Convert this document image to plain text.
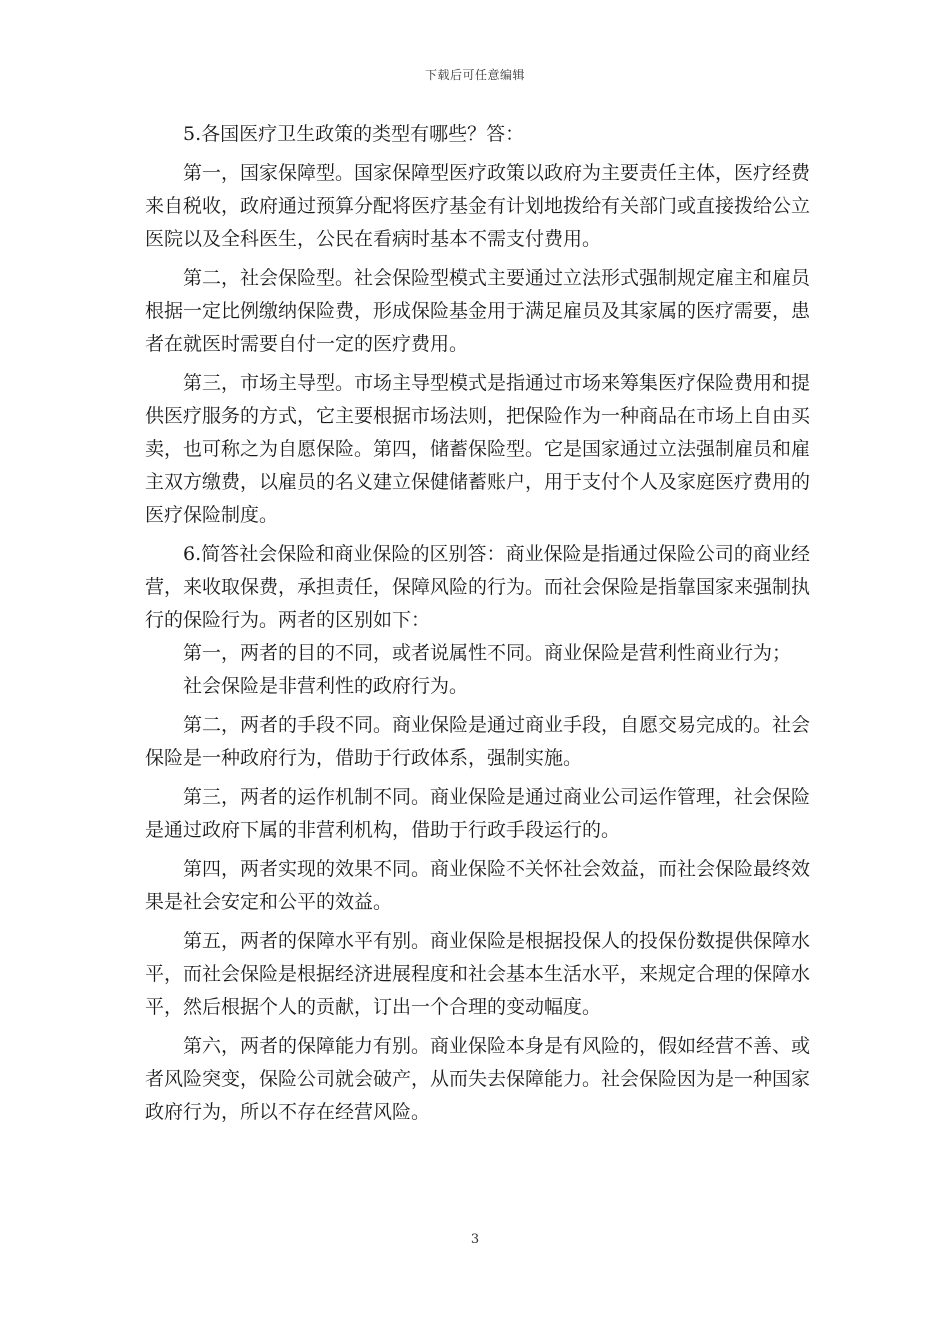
下载后可任意编辑

5.各国医疗卫生政策的类型有哪些？答：

第一，国家保障型。国家保障型医疗政策以政府为主要责任主体，医疗经费来自税收，政府通过预算分配将医疗基金有计划地拨给有关部门或直接拨给公立医院以及全科医生，公民在看病时基本不需支付费用。

第二，社会保险型。社会保险型模式主要通过立法形式强制规定雇主和雇员根据一定比例缴纳保险费，形成保险基金用于满足雇员及其家属的医疗需要，患者在就医时需要自付一定的医疗费用。

第三，市场主导型。市场主导型模式是指通过市场来筹集医疗保险费用和提供医疗服务的方式，它主要根据市场法则，把保险作为一种商品在市场上自由买卖，也可称之为自愿保险。第四，储蓄保险型。它是国家通过立法强制雇员和雇主双方缴费，以雇员的名义建立保健储蓄账户，用于支付个人及家庭医疗费用的医疗保险制度。

6.简答社会保险和商业保险的区别答：商业保险是指通过保险公司的商业经营，来收取保费，承担责任，保障风险的行为。而社会保险是指靠国家来强制执行的保险行为。两者的区别如下：

第一，两者的目的不同，或者说属性不同。商业保险是营利性商业行为；

社会保险是非营利性的政府行为。

第二，两者的手段不同。商业保险是通过商业手段，自愿交易完成的。社会保险是一种政府行为，借助于行政体系，强制实施。

第三，两者的运作机制不同。商业保险是通过商业公司运作管理，社会保险是通过政府下属的非营利机构，借助于行政手段运行的。

第四，两者实现的效果不同。商业保险不关怀社会效益，而社会保险最终效果是社会安定和公平的效益。

第五，两者的保障水平有别。商业保险是根据投保人的投保份数提供保障水平，而社会保险是根据经济进展程度和社会基本生活水平，来规定合理的保障水平，然后根据个人的贡献，订出一个合理的变动幅度。

第六，两者的保障能力有别。商业保险本身是有风险的，假如经营不善、或者风险突变，保险公司就会破产，从而失去保障能力。社会保险因为是一种国家政府行为，所以不存在经营风险。

3
